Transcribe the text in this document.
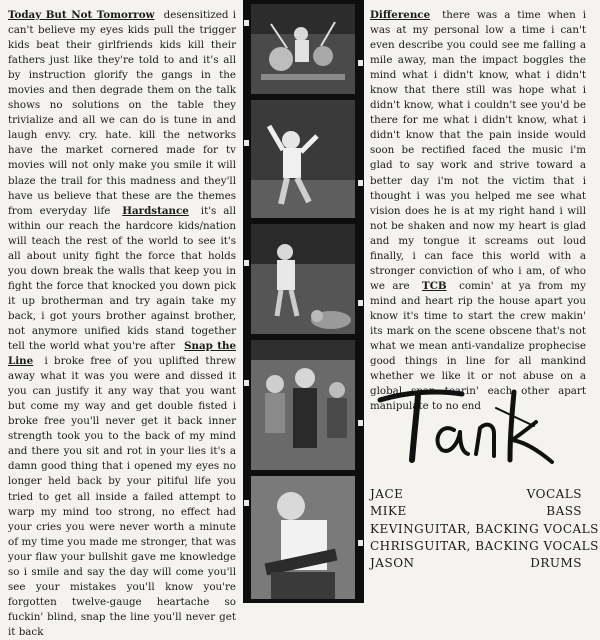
Today But Not Tomorrow desensitized i can't believe my eyes kids pull the trigger kids beat their girlfriends kids kill their fathers just like they're told to and it's all by instruction glorify the gangs in the movies and then degrade them on the talk shows no solutions on the table they trivialize and all we can do is tune in and laugh envy. cry. hate. kill the networks have the market cornered made for tv movies will not only make you smile it will blaze the trail for this madness and they'll have us believe that these are the themes from everyday life Hardstance it's all within our reach the hardcore kids/nation will teach the rest of the world to see it's all about unity fight the force that holds you down break the walls that keep you in fight the force that knocked you down pick it up brotherman and try again take my back, i got yours brother against brother, not anymore unified kids stand together tell the world what you're after Snap the Line i broke free of you uplifted threw away what it was you were and dissed it you can justify it any way that you want but come my way and get double fisted i broke free you'll never get it back inner strength took you to the back of my mind and there you sit and rot in your lies it's a damn good thing that i opened my eyes no longer held back by your pitiful life you tried to get all inside a failed attempt to warp my mind too strong, no effect had your cries you were never worth a minute of my time you made me stronger, that was your flaw your bullshit gave me knowledge so i smile and say the day will come you'll see your mistakes you'll know you're forgotten twelve-gauge heartache so fuckin' blind, snap the line you'll never get it back
Difference there was a time when i was at my personal low a time i can't even describe you could see me falling a mile away, man the impact boggles the mind what i didn't know, what i didn't know that there still was hope what i didn't know, what i couldn't see you'd be there for me what i didn't know, what i didn't know that the pain inside would soon be rectified faced the music i'm glad to say work and strive toward a better day i'm not the victim that i thought i was you helped me see what vision does he is at my right hand i will not be shaken and now my heart is glad and my tongue it screams out loud finally, i can face this world with a stronger conviction of who i am, of who we are TCB comin' at ya from my mind and heart rip the house apart you know it's time to start the crew makin' its mark on the scene obscene that's not what we mean anti-vandalize prophecise good things in line for all mankind whether we like it or not abuse on a global span tearin' each other apart manipulate to no end
JACE	VOCALS
MIKE	BASS
KEVIN GUITAR, BACKING VOCALS
CHRIS GUITAR, BACKING VOCALS
JASON	DRUMS
